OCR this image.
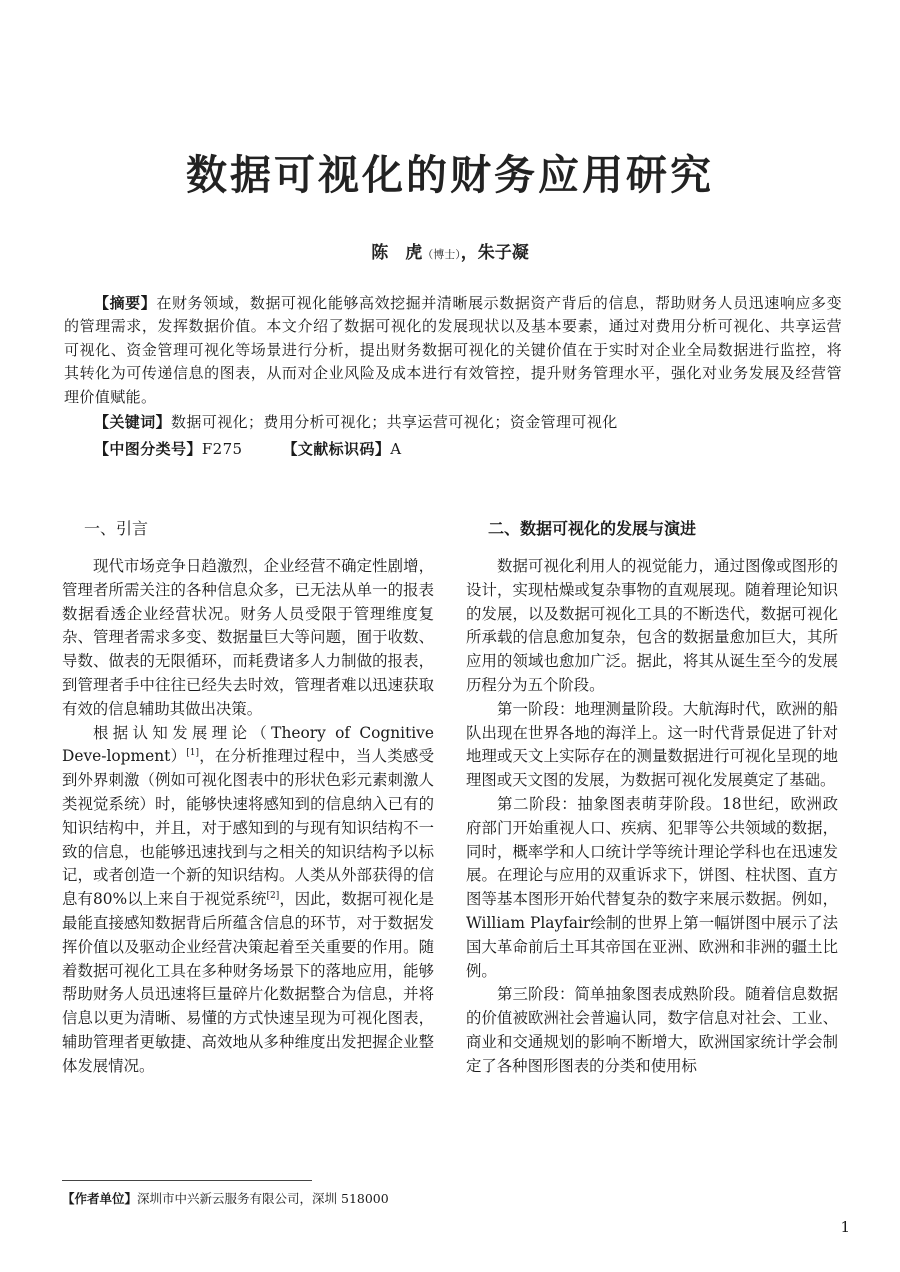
数据可视化的财务应用研究
陈　虎（博士），朱子凝

【摘要】在财务领域，数据可视化能够高效挖掘并清晰展示数据资产背后的信息，帮助财务人员迅速响应多变的管理需求，发挥数据价值。本文介绍了数据可视化的发展现状以及基本要素，通过对费用分析可视化、共享运营可视化、资金管理可视化等场景进行分析，提出财务数据可视化的关键价值在于实时对企业全局数据进行监控，将其转化为可传递信息的图表，从而对企业风险及成本进行有效管控，提升财务管理水平，强化对业务发展及经营管理价值赋能。

【关键词】数据可视化；费用分析可视化；共享运营可视化；资金管理可视化
【中图分类号】F275	【文献标识码】A
一、引言

现代市场竞争日趋激烈，企业经营不确定性剧增，管理者所需关注的各种信息众多，已无法从单一的报表数据看透企业经营状况。财务人员受限于管理维度复杂、管理者需求多变、数据量巨大等问题，囿于收数、导数、做表的无限循环，而耗费诸多人力制做的报表，到管理者手中往往已经失去时效，管理者难以迅速获取有效的信息辅助其做出决策。

根据认知发展理论（Theory of Cognitive Deve-lopment）[1]，在分析推理过程中，当人类感受到外界刺激（例如可视化图表中的形状色彩元素刺激人类视觉系统）时，能够快速将感知到的信息纳入已有的知识结构中，并且，对于感知到的与现有知识结构不一致的信息，也能够迅速找到与之相关的知识结构予以标记，或者创造一个新的知识结构。人类从外部获得的信息有80%以上来自于视觉系统[2]，因此，数据可视化是最能直接感知数据背后所蕴含信息的环节，对于数据发挥价值以及驱动企业经营决策起着至关重要的作用。随着数据可视化工具在多种财务场景下的落地应用，能够帮助财务人员迅速将巨量碎片化数据整合为信息，并将信息以更为清晰、易懂的方式快速呈现为可视化图表，辅助管理者更敏捷、高效地从多种维度出发把握企业整体发展情况。

二、数据可视化的发展与演进

数据可视化利用人的视觉能力，通过图像或图形的设计，实现枯燥或复杂事物的直观展现。随着理论知识的发展，以及数据可视化工具的不断迭代，数据可视化所承载的信息愈加复杂，包含的数据量愈加巨大，其所应用的领域也愈加广泛。据此，将其从诞生至今的发展历程分为五个阶段。

第一阶段：地理测量阶段。大航海时代，欧洲的船队出现在世界各地的海洋上。这一时代背景促进了针对地理或天文上实际存在的测量数据进行可视化呈现的地理图或天文图的发展，为数据可视化发展奠定了基础。

第二阶段：抽象图表萌芽阶段。18世纪，欧洲政府部门开始重视人口、疾病、犯罪等公共领域的数据，同时，概率学和人口统计学等统计理论学科也在迅速发展。在理论与应用的双重诉求下，饼图、柱状图、直方图等基本图形开始代替复杂的数字来展示数据。例如，William Playfair绘制的世界上第一幅饼图中展示了法国大革命前后土耳其帝国在亚洲、欧洲和非洲的疆土比例。

第三阶段：简单抽象图表成熟阶段。随着信息数据的价值被欧洲社会普遍认同，数字信息对社会、工业、商业和交通规划的影响不断增大，欧洲国家统计学会制定了各种图形图表的分类和使用标

【作者单位】深圳市中兴新云服务有限公司，深圳 518000
1
